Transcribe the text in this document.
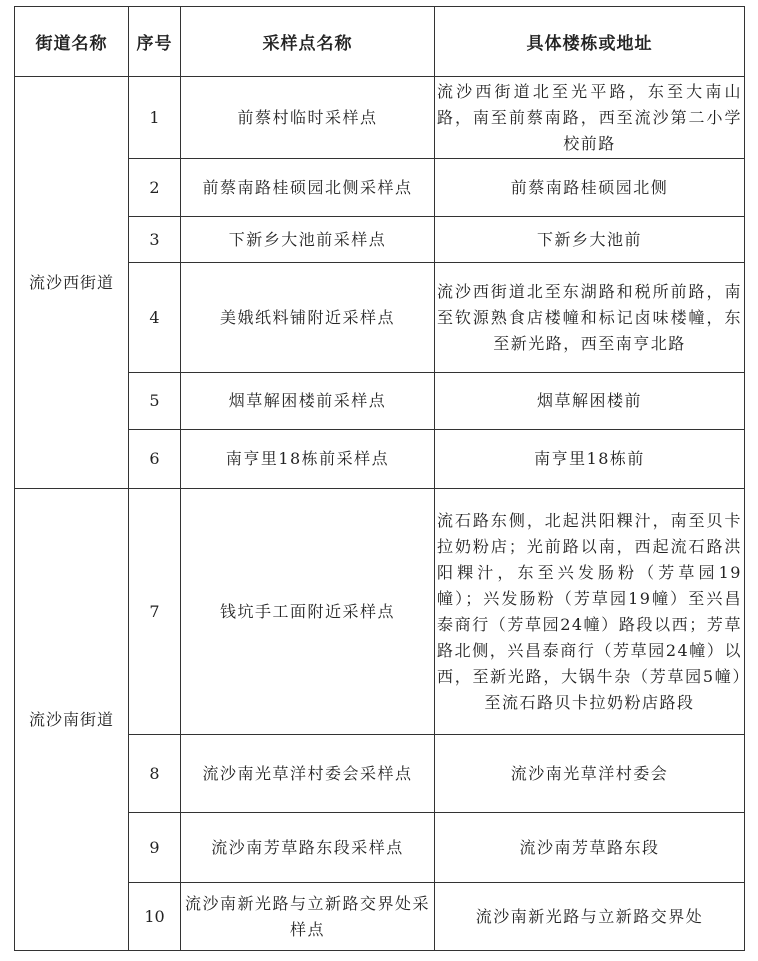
街道名称	序号	采样点名称	具体楼栋或地址
流沙西街道	1	前蔡村临时采样点	流沙西街道北至光平路，东至大南山路，南至前蔡南路，西至流沙第二小学校前路
	2	前蔡南路桂硕园北侧采样点	前蔡南路桂硕园北侧
	3	下新乡大池前采样点	下新乡大池前
	4	美娥纸料铺附近采样点	流沙西街道北至东湖路和税所前路，南至钦源熟食店楼幢和标记卤味楼幢，东至新光路，西至南亨北路
	5	烟草解困楼前采样点	烟草解困楼前
	6	南亨里18栋前采样点	南亨里18栋前
流沙南街道	7	钱坑手工面附近采样点	流石路东侧，北起洪阳粿汁，南至贝卡拉奶粉店；光前路以南，西起流石路洪阳粿汁，东至兴发肠粉（芳草园19幢）；兴发肠粉（芳草园19幢）至兴昌泰商行（芳草园24幢）路段以西；芳草路北侧，兴昌泰商行（芳草园24幢）以西，至新光路，大锅牛杂（芳草园5幢）至流石路贝卡拉奶粉店路段
	8	流沙南光草洋村委会采样点	流沙南光草洋村委会
	9	流沙南芳草路东段采样点	流沙南芳草路东段
	10	流沙南新光路与立新路交界处采样点	流沙南新光路与立新路交界处
